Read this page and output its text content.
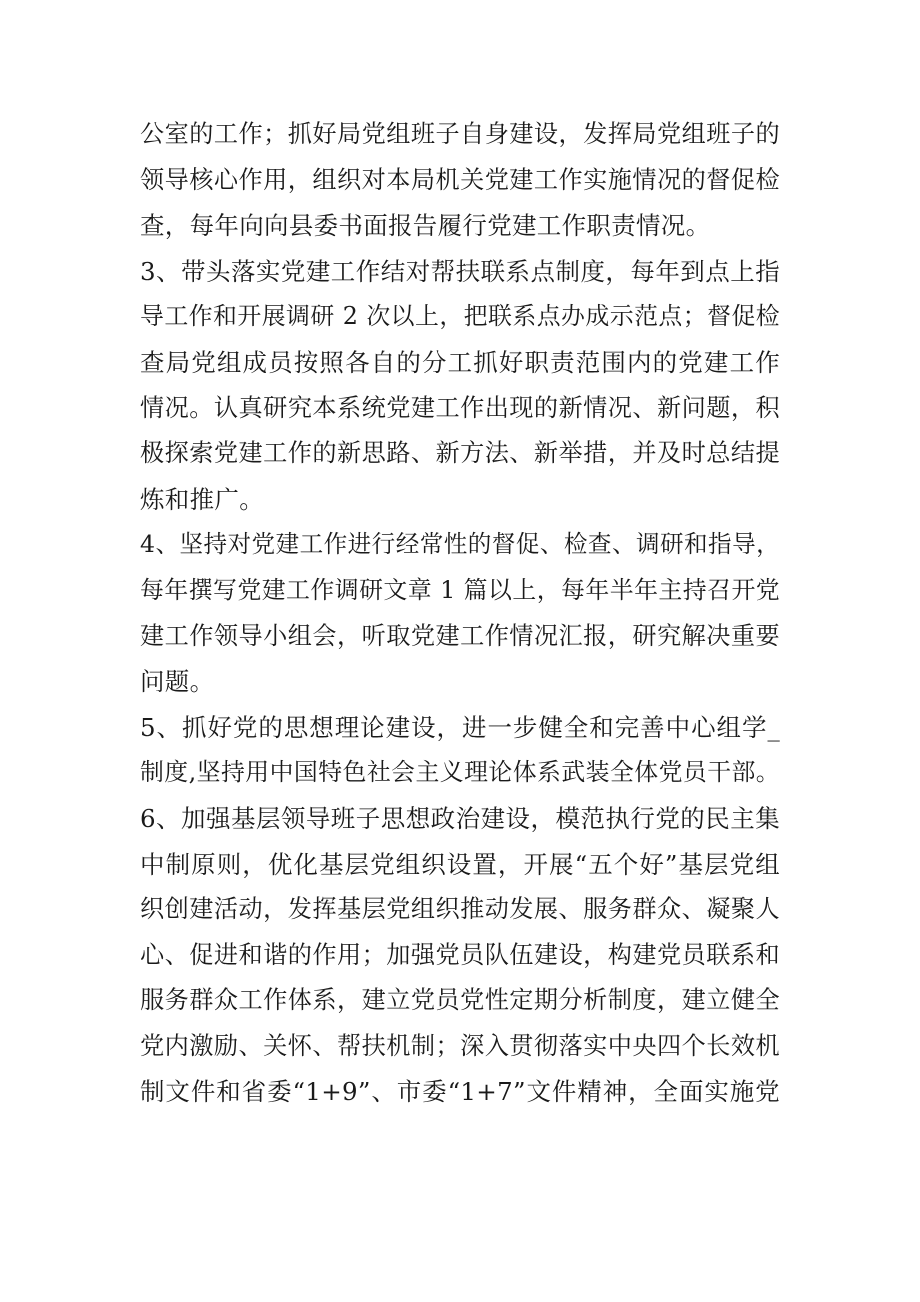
公室的工作；抓好局党组班子自身建设，发挥局党组班子的
领导核心作用，组织对本局机关党建工作实施情况的督促检
查，每年向向县委书面报告履行党建工作职责情况。

3、带头落实党建工作结对帮扶联系点制度，每年到点上指
导工作和开展调研 2 次以上，把联系点办成示范点；督促检
查局党组成员按照各自的分工抓好职责范围内的党建工作
情况。认真研究本系统党建工作出现的新情况、新问题，积
极探索党建工作的新思路、新方法、新举措，并及时总结提
炼和推广。

4、坚持对党建工作进行经常性的督促、检查、调研和指导，
每年撰写党建工作调研文章 1 篇以上，每年半年主持召开党
建工作领导小组会，听取党建工作情况汇报，研究解决重要
问题。

5、抓好党的思想理论建设，进一步健全和完善中心组学_
制度,坚持用中国特色社会主义理论体系武装全体党员干部。

6、加强基层领导班子思想政治建设，模范执行党的民主集
中制原则，优化基层党组织设置，开展“五个好”基层党组
织创建活动，发挥基层党组织推动发展、服务群众、凝聚人
心、促进和谐的作用；加强党员队伍建设，构建党员联系和
服务群众工作体系，建立党员党性定期分析制度，建立健全
党内激励、关怀、帮扶机制；深入贯彻落实中央四个长效机
制文件和省委“1+9”、市委“1+7”文件精神，全面实施党
